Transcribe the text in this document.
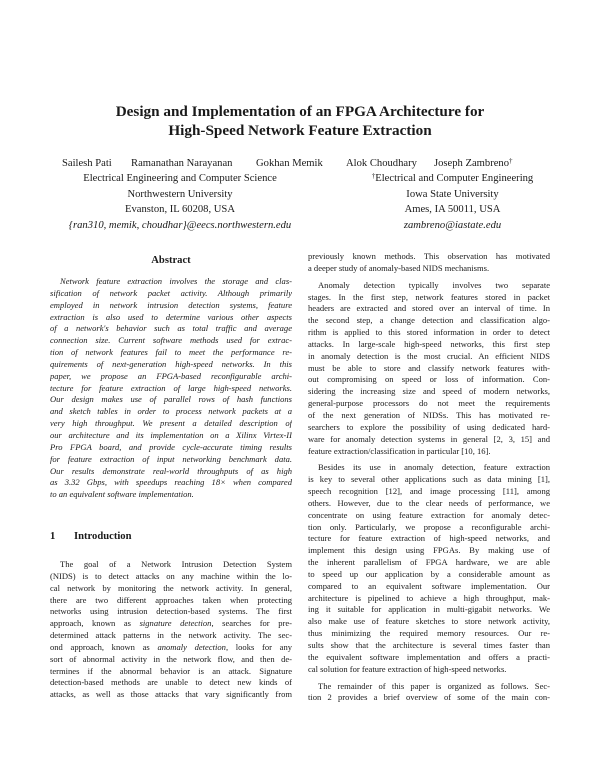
Design and Implementation of an FPGA Architecture for
High-Speed Network Feature Extraction
Sailesh Pati Ramanathan Narayanan Gokhan Memik Alok Choudhary Joseph Zambreno†
Electrical Engineering and Computer Science
Northwestern University
Evanston, IL 60208, USA
{ran310, memik, choudhar}@eecs.northwestern.edu
†Electrical and Computer Engineering
Iowa State University
Ames, IA 50011, USA
zambreno@iastate.edu
Abstract
Network feature extraction involves the storage and clas-
sification of network packet activity. Although primarily
employed in network intrusion detection systems, feature
extraction is also used to determine various other aspects
of a network's behavior such as total traffic and average
connection size. Current software methods used for extrac-
tion of network features fail to meet the performance re-
quirements of next-generation high-speed networks. In this
paper, we propose an FPGA-based reconfigurable archi-
tecture for feature extraction of large high-speed networks.
Our design makes use of parallel rows of hash functions
and sketch tables in order to process network packets at a
very high throughput. We present a detailed description of
our architecture and its implementation on a Xilinx Virtex-II
Pro FPGA board, and provide cycle-accurate timing results
for feature extraction of input networking benchmark data.
Our results demonstrate real-world throughputs of as high
as 3.32 Gbps, with speedups reaching 18× when compared
to an equivalent software implementation.
1 Introduction
The goal of a Network Intrusion Detection System
(NIDS) is to detect attacks on any machine within the lo-
cal network by monitoring the network activity. In general,
there are two different approaches taken when protecting
networks using intrusion detection-based systems. The first
approach, known as signature detection, searches for pre-
determined attack patterns in the network activity. The sec-
ond approach, known as anomaly detection, looks for any
sort of abnormal activity in the network flow, and then de-
termines if the abnormal behavior is an attack. Signature
detection-based methods are unable to detect new kinds of
attacks, as well as those attacks that vary significantly from
previously known methods. This observation has motivated
a deeper study of anomaly-based NIDS mechanisms.
Anomaly detection typically involves two separate
stages. In the first step, network features stored in packet
headers are extracted and stored over an interval of time. In
the second step, a change detection and classification algo-
rithm is applied to this stored information in order to detect
attacks. In large-scale high-speed networks, this first step
in anomaly detection is the most crucial. An efficient NIDS
must be able to store and classify network features with-
out compromising on speed or loss of information. Con-
sidering the increasing size and speed of modern networks,
general-purpose processors do not meet the requirements
of the next generation of NIDSs. This has motivated re-
searchers to explore the possibility of using dedicated hard-
ware for anomaly detection systems in general [2, 3, 15] and
feature extraction/classification in particular [10, 16].
Besides its use in anomaly detection, feature extraction
is key to several other applications such as data mining [1],
speech recognition [12], and image processing [11], among
others. However, due to the clear needs of performance, we
concentrate on using feature extraction for anomaly detec-
tion only. Particularly, we propose a reconfigurable archi-
tecture for feature extraction of high-speed networks, and
implement this design using FPGAs. By making use of
the inherent parallelism of FPGA hardware, we are able
to speed up our application by a considerable amount as
compared to an equivalent software implementation. Our
architecture is pipelined to achieve a high throughput, mak-
ing it suitable for application in multi-gigabit networks. We
also make use of feature sketches to store network activity,
thus minimizing the required memory resources. Our re-
sults show that the architecture is several times faster than
the equivalent software implementation and offers a practi-
cal solution for feature extraction of high-speed networks.
The remainder of this paper is organized as follows. Sec-
tion 2 provides a brief overview of some of the main con-
